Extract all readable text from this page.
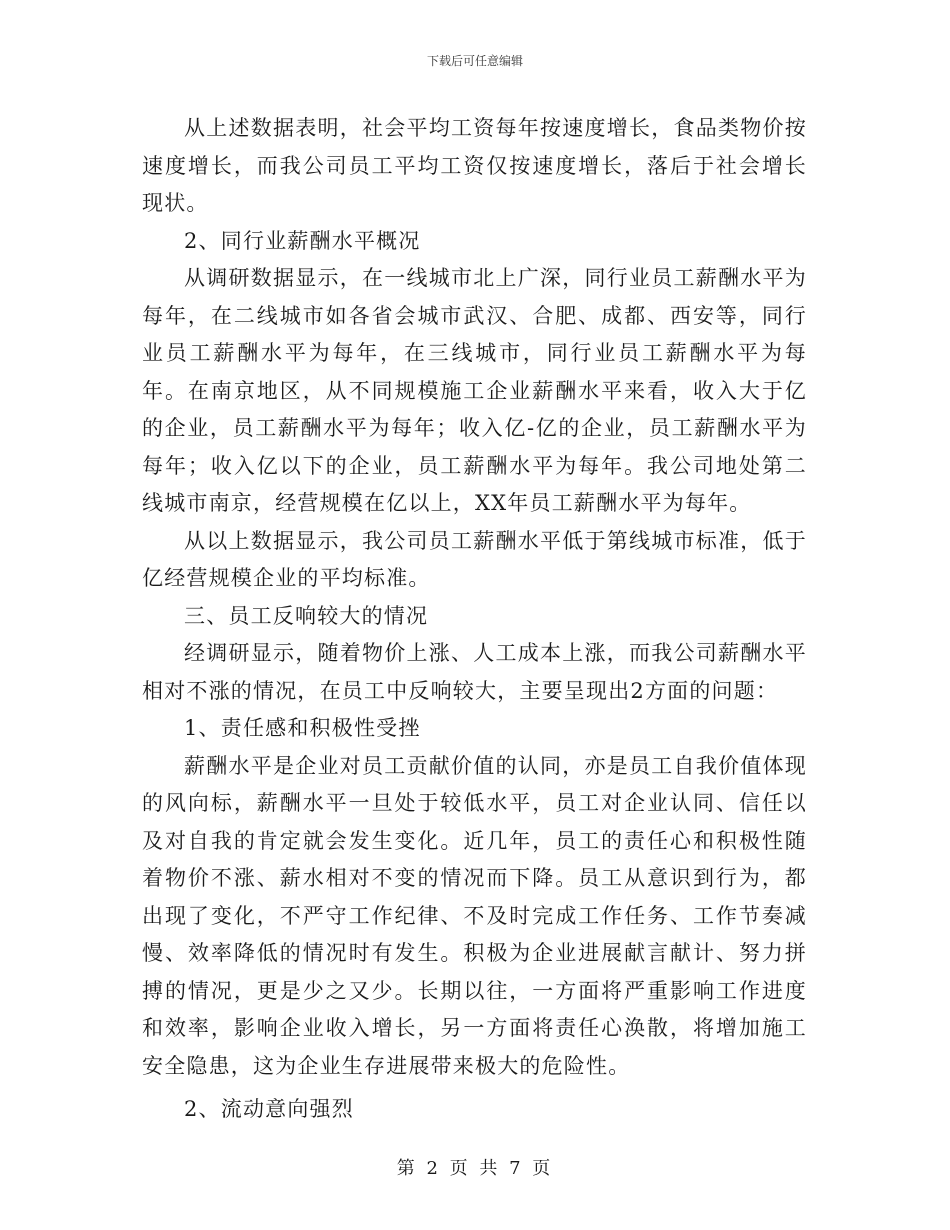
下载后可任意编辑

从上述数据表明，社会平均工资每年按速度增长，食品类物价按速度增长，而我公司员工平均工资仅按速度增长，落后于社会增长现状。

2、同行业薪酬水平概况

从调研数据显示，在一线城市北上广深，同行业员工薪酬水平为每年，在二线城市如各省会城市武汉、合肥、成都、西安等，同行业员工薪酬水平为每年，在三线城市，同行业员工薪酬水平为每年。在南京地区，从不同规模施工企业薪酬水平来看，收入大于亿的企业，员工薪酬水平为每年；收入亿-亿的企业，员工薪酬水平为每年；收入亿以下的企业，员工薪酬水平为每年。我公司地处第二线城市南京，经营规模在亿以上，XX年员工薪酬水平为每年。

从以上数据显示，我公司员工薪酬水平低于第线城市标准，低于亿经营规模企业的平均标准。

三、员工反响较大的情况

经调研显示，随着物价上涨、人工成本上涨，而我公司薪酬水平相对不涨的情况，在员工中反响较大，主要呈现出2方面的问题：

1、责任感和积极性受挫

薪酬水平是企业对员工贡献价值的认同，亦是员工自我价值体现的风向标，薪酬水平一旦处于较低水平，员工对企业认同、信任以及对自我的肯定就会发生变化。近几年，员工的责任心和积极性随着物价不涨、薪水相对不变的情况而下降。员工从意识到行为，都出现了变化，不严守工作纪律、不及时完成工作任务、工作节奏减慢、效率降低的情况时有发生。积极为企业进展献言献计、努力拼搏的情况，更是少之又少。长期以往，一方面将严重影响工作进度和效率，影响企业收入增长，另一方面将责任心涣散，将增加施工安全隐患，这为企业生存进展带来极大的危险性。

2、流动意向强烈

第 2 页 共 7 页
